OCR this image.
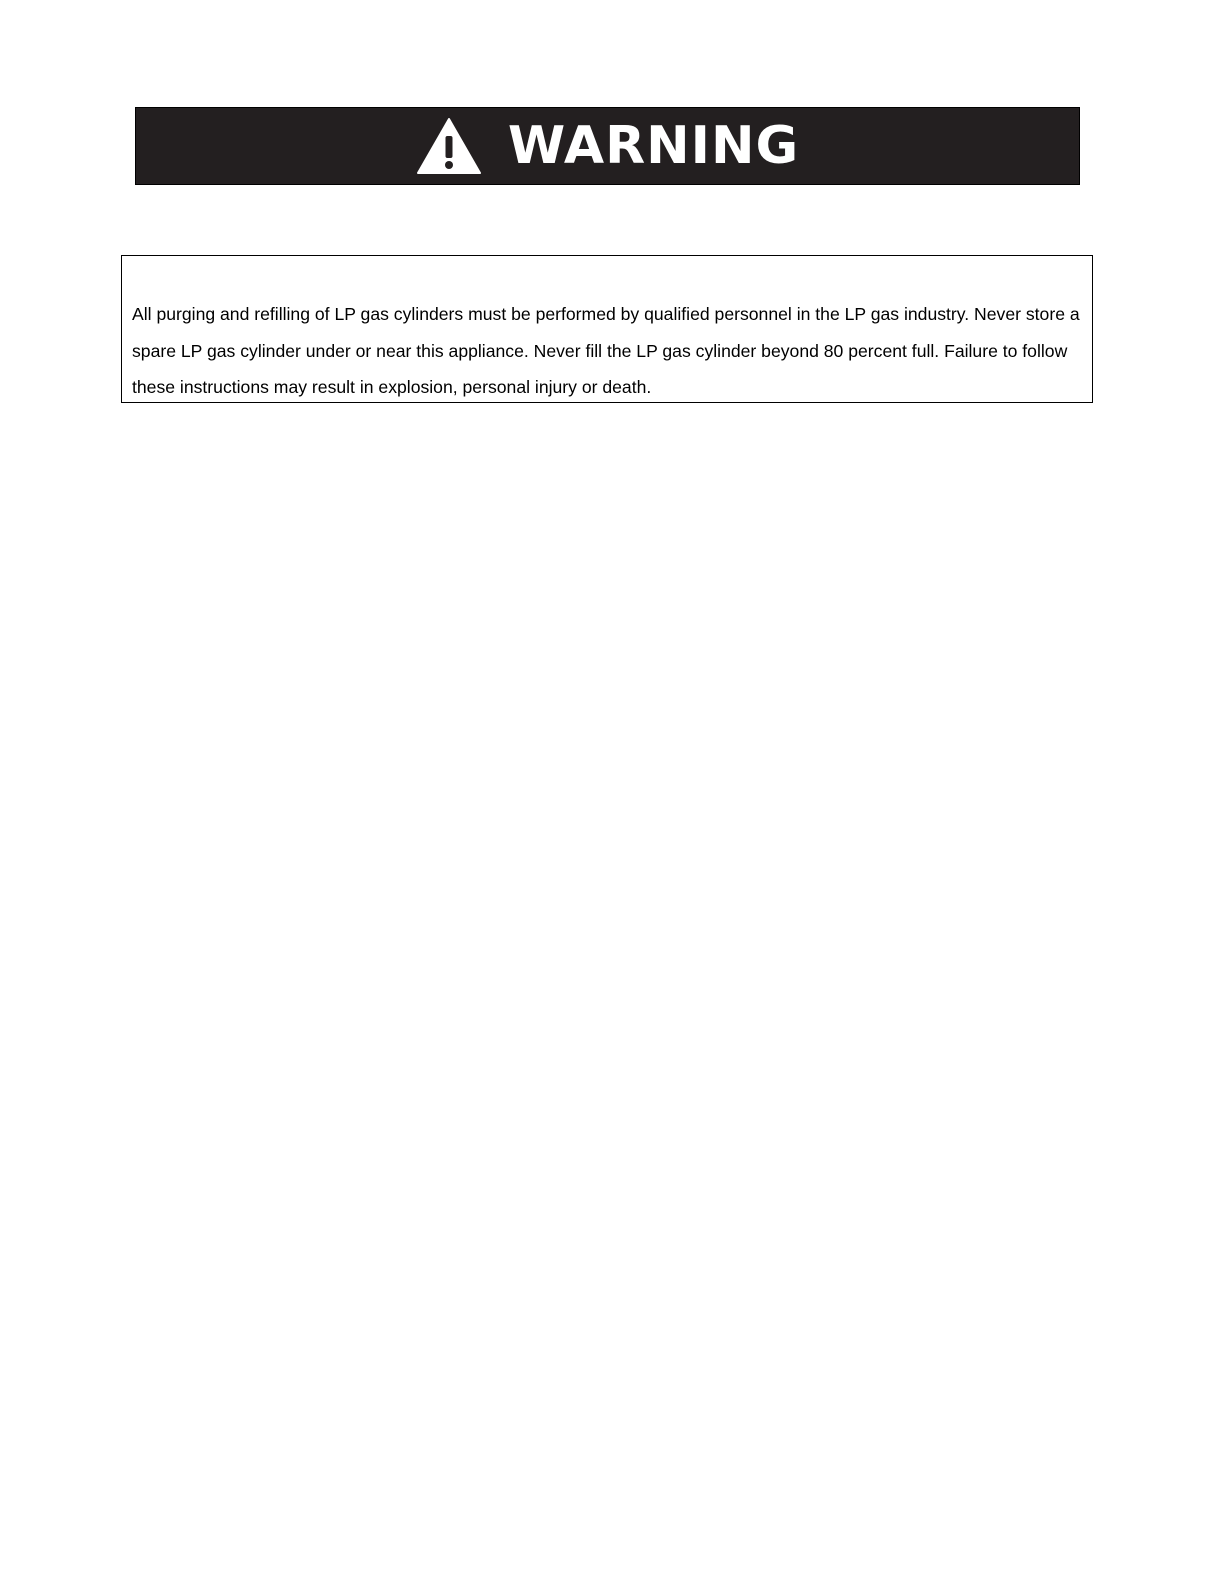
WARNING

All purging and refilling of LP gas cylinders must be performed by qualified personnel in the LP gas industry. Never store a spare LP gas cylinder under or near this appliance. Never fill the LP gas cylinder beyond 80 percent full. Failure to follow these instructions may result in explosion, personal injury or death.
